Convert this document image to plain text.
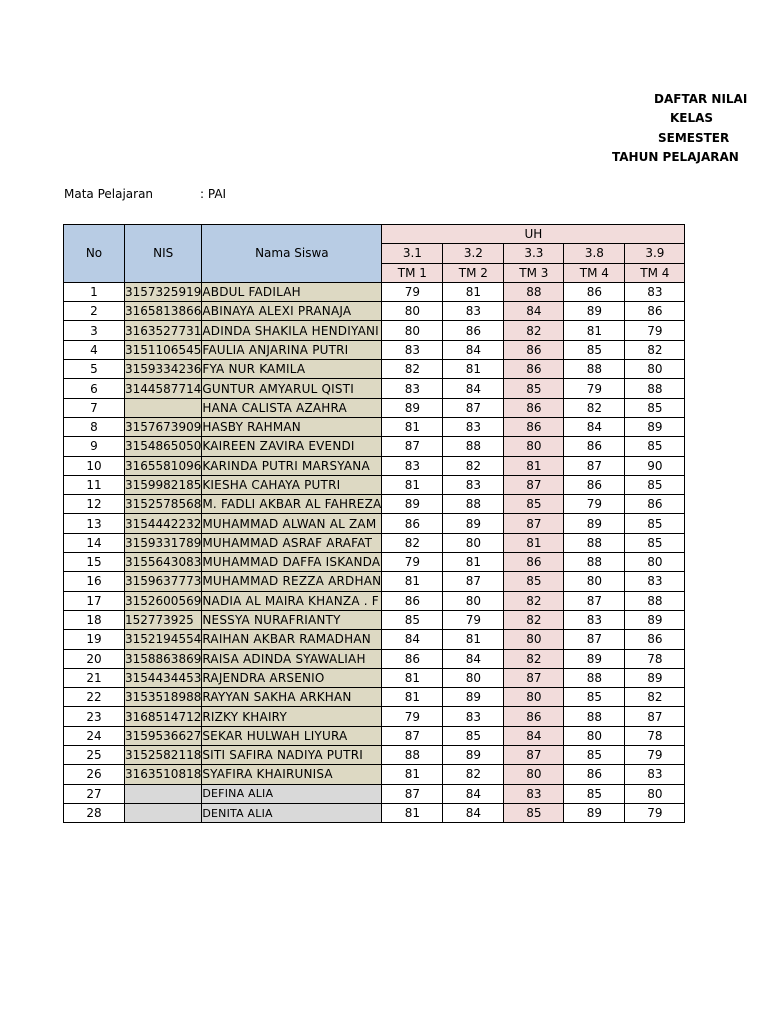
DAFTAR NILAI
KELAS
SEMESTER
TAHUN PELAJARAN
Mata Pelajaran	: PAI
No	NIS	Nama Siswa	UH				
			3.1	3.2	3.3	3.8	3.9
			TM 1	TM 2	TM 3	TM 4	TM 4
1	3157325919	ABDUL FADILAH	79	81	88	86	83
2	3165813866	ABINAYA ALEXI PRANAJA	80	83	84	89	86
3	3163527731	ADINDA SHAKILA HENDIYANI	80	86	82	81	79
4	3151106545	FAULIA ANJARINA PUTRI	83	84	86	85	82
5	3159334236	FYA NUR KAMILA	82	81	86	88	80
6	3144587714	GUNTUR AMYARUL QISTI	83	84	85	79	88
7		HANA CALISTA AZAHRA	89	87	86	82	85
8	3157673909	HASBY RAHMAN	81	83	86	84	89
9	3154865050	KAIREEN ZAVIRA EVENDI	87	88	80	86	85
10	3165581096	KARINDA PUTRI MARSYANA	83	82	81	87	90
11	3159982185	KIESHA CAHAYA PUTRI	81	83	87	86	85
12	3152578568	M. FADLI AKBAR AL FAHREZA	89	88	85	79	86
13	3154442232	MUHAMMAD ALWAN AL ZAM	86	89	87	89	85
14	3159331789	MUHAMMAD ASRAF ARAFAT	82	80	81	88	85
15	3155643083	MUHAMMAD DAFFA ISKANDA	79	81	86	88	80
16	3159637773	MUHAMMAD REZZA ARDHAN	81	87	85	80	83
17	3152600569	NADIA AL MAIRA KHANZA . F	86	80	82	87	88
18	152773925	NESSYA NURAFRIANTY	85	79	82	83	89
19	3152194554	RAIHAN AKBAR RAMADHAN	84	81	80	87	86
20	3158863869	RAISA ADINDA SYAWALIAH	86	84	82	89	78
21	3154434453	RAJENDRA ARSENIO	81	80	87	88	89
22	3153518988	RAYYAN SAKHA ARKHAN	81	89	80	85	82
23	3168514712	RIZKY KHAIRY	79	83	86	88	87
24	3159536627	SEKAR HULWAH LIYURA	87	85	84	80	78
25	3152582118	SITI SAFIRA NADIYA PUTRI	88	89	87	85	79
26	3163510818	SYAFIRA KHAIRUNISA	81	82	80	86	83
27		DEFINA ALIA	87	84	83	85	80
28		DENITA ALIA	81	84	85	89	79
